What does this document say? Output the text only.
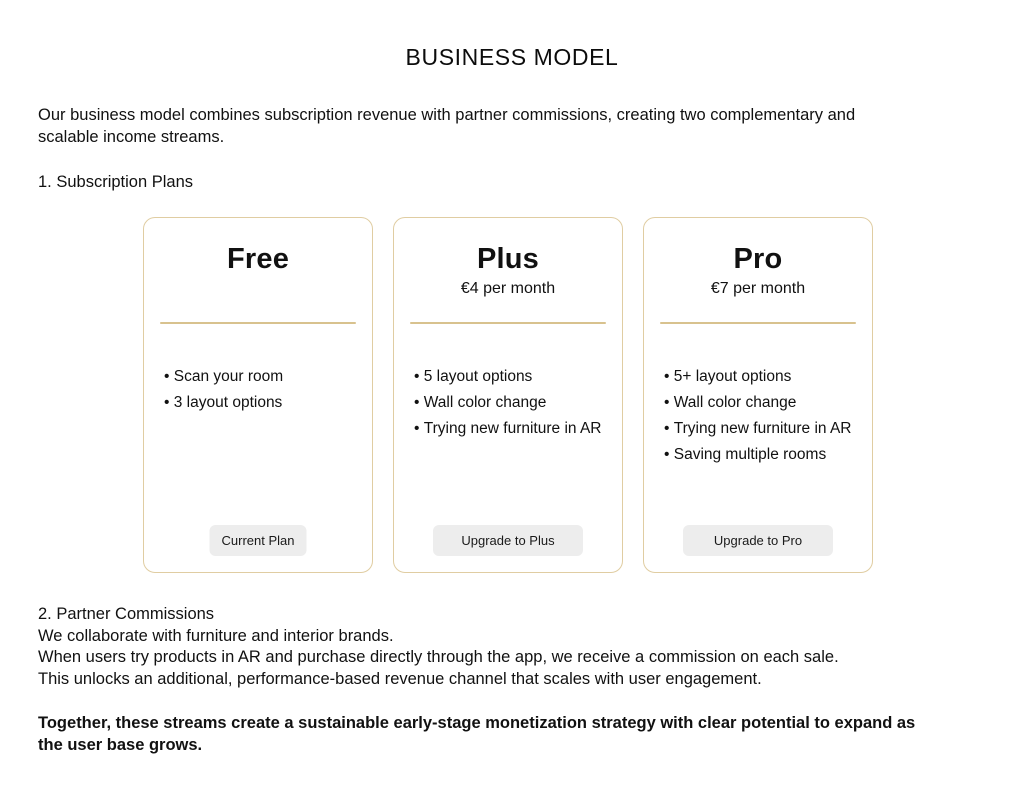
BUSINESS MODEL

Our business model combines subscription revenue with partner commissions, creating two complementary and scalable income streams.

1. Subscription Plans
Free
• Scan your room
• 3 layout options
Current Plan
Plus
€4 per month
• 5 layout options
• Wall color change
• Trying new furniture in AR
Upgrade to Plus
Pro
€7 per month
• 5+ layout options
• Wall color change
• Trying new furniture in AR
• Saving multiple rooms
Upgrade to Pro
2. Partner Commissions
We collaborate with furniture and interior brands.
When users try products in AR and purchase directly through the app, we receive a commission on each sale.
This unlocks an additional, performance-based revenue channel that scales with user engagement.

Together, these streams create a sustainable early-stage monetization strategy with clear potential to expand as the user base grows.
